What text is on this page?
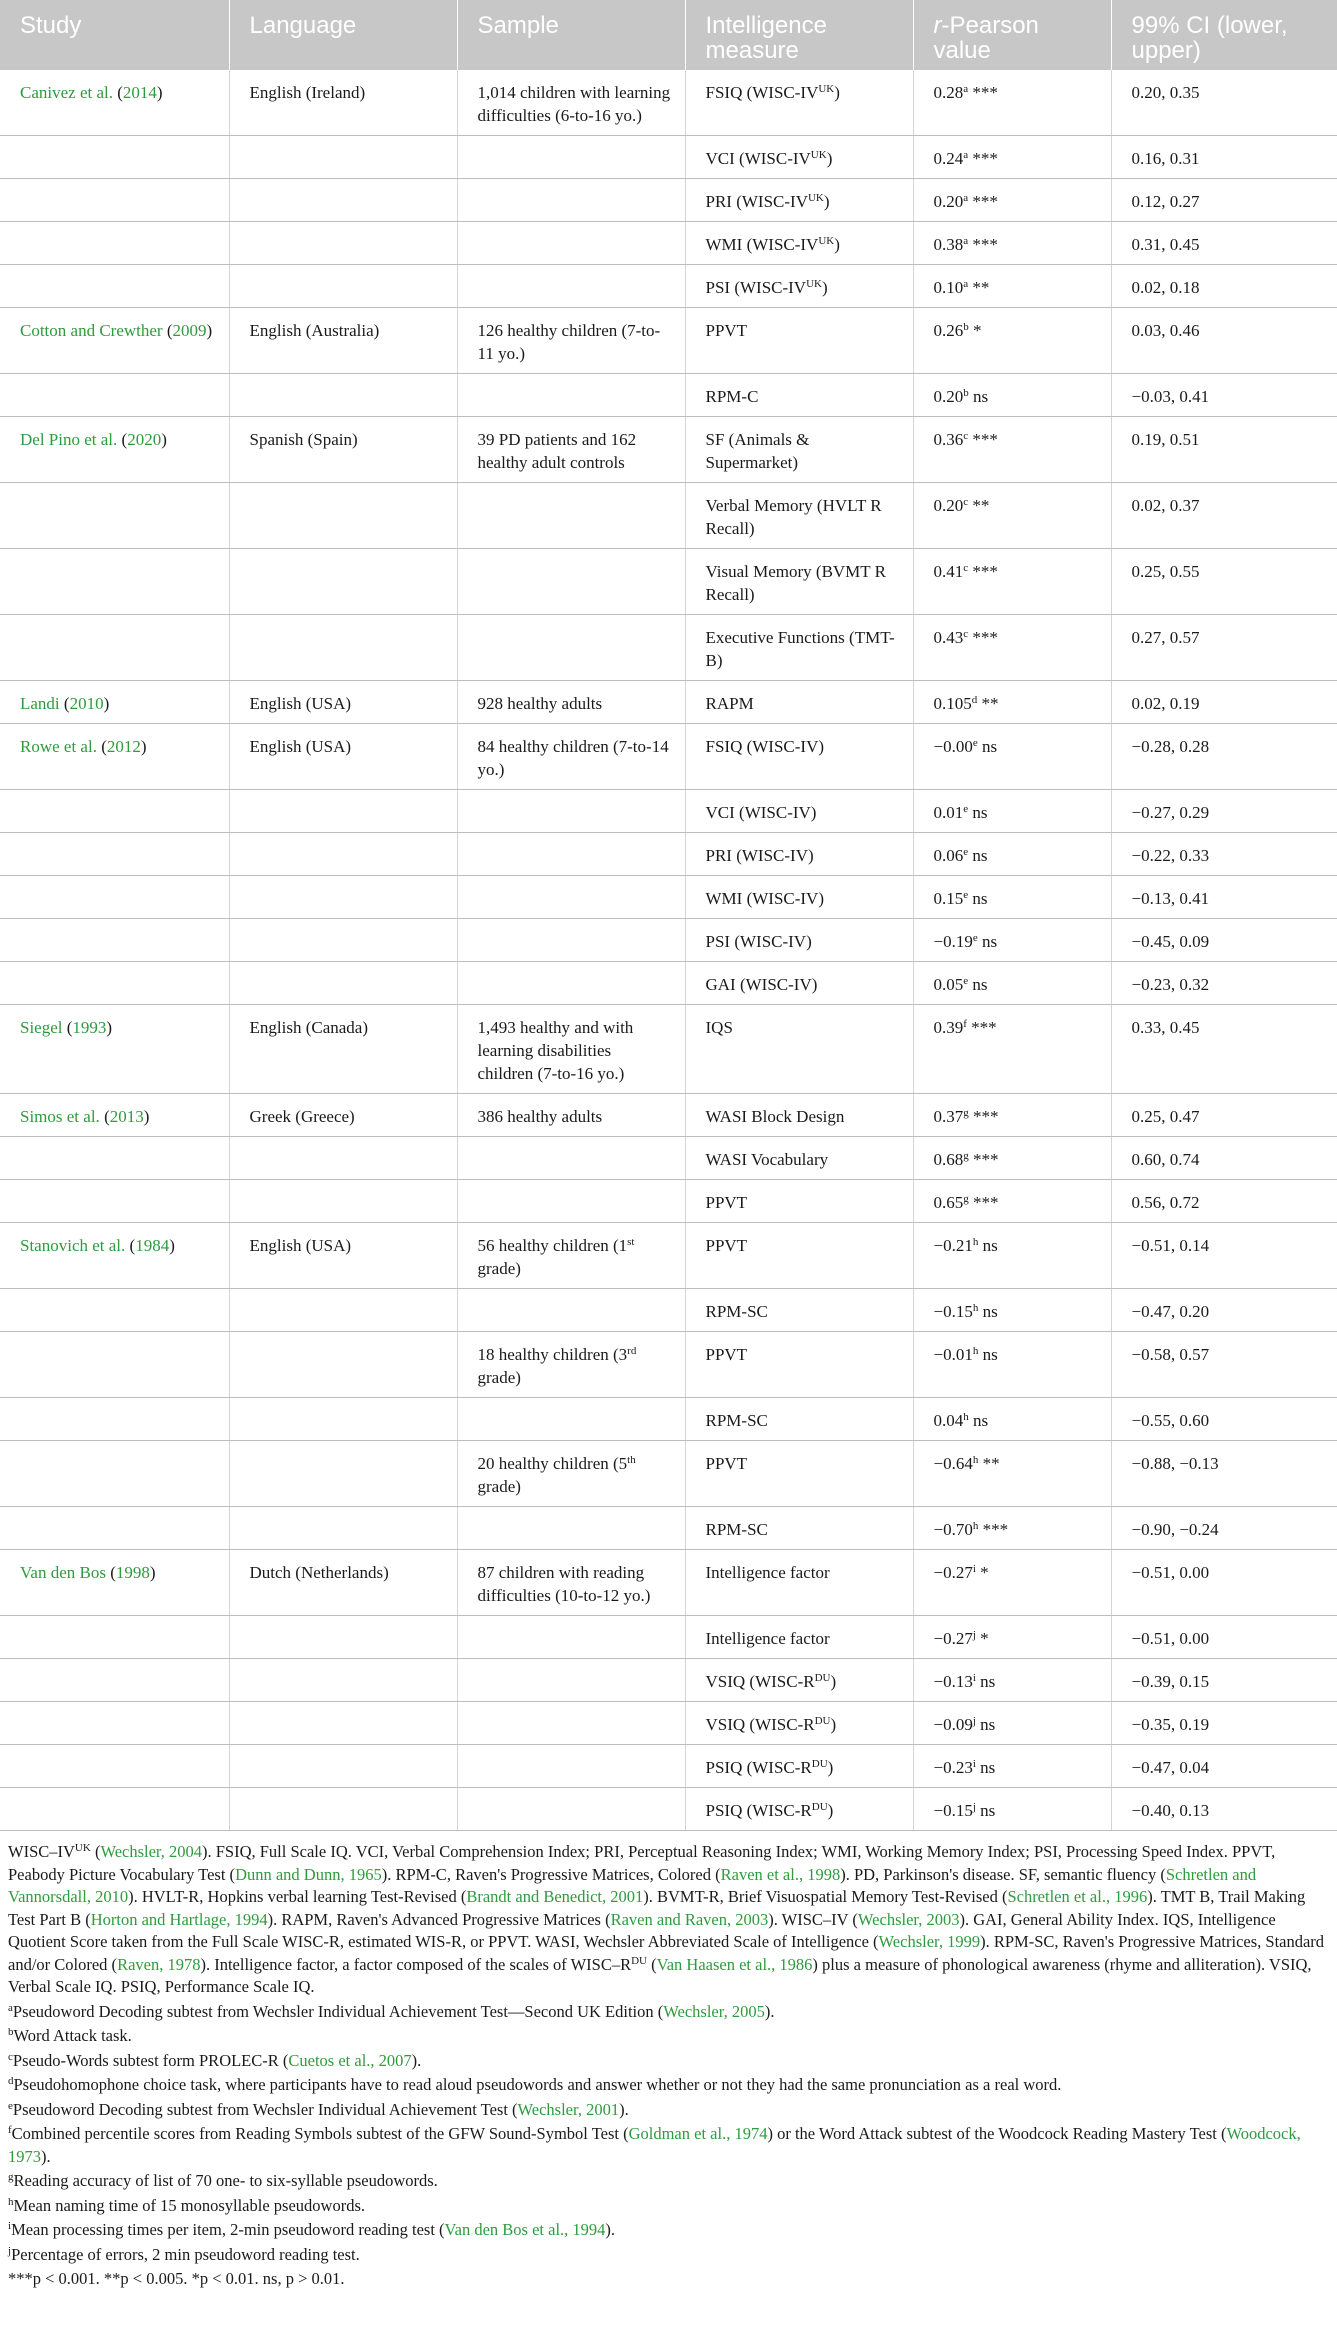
Study	Language	Sample	Intelligence measure	r-Pearson value	99% CI (lower, upper)
Canivez et al. (2014)	English (Ireland)	1,014 children with learning difficulties (6-to-16 yo.)	FSIQ $(WISC-IV^{UK})$	0.28$^a$ ***	0.20, 0.35
			VCI $(WISC-IV^{UK})$	0.24$^a$ ***	0.16, 0.31
			PRI $(WISC-IV^{UK})$	0.20$^a$ ***	0.12, 0.27
			WMI $(WISC-IV^{UK})$	0.38$^a$ ***	0.31, 0.45
			PSI $(WISC-IV^{UK})$	0.10$^a$ **	0.02, 0.18
Cotton and Crewther (2009)	English (Australia)	126 healthy children (7-to-11 yo.)	PPVT	0.26$^b$ *	0.03, 0.46
			RPM-C	0.20$^b$ ns	−0.03, 0.41
Del Pino et al. (2020)	Spanish (Spain)	39 PD patients and 162 healthy adult controls	SF (Animals & Supermarket)	0.36$^c$ ***	0.19, 0.51
			Verbal Memory (HVLT R Recall)	0.20$^c$ **	0.02, 0.37
			Visual Memory (BVMT R Recall)	0.41$^c$ ***	0.25, 0.55
			Executive Functions (TMT-B)	0.43$^c$ ***	0.27, 0.57
Landi (2010)	English (USA)	928 healthy adults	RAPM	0.105$^d$ **	0.02, 0.19
Rowe et al. (2012)	English (USA)	84 healthy children (7-to-14 yo.)	FSIQ (WISC-IV)	−0.00$^e$ ns	−0.28, 0.28
			VCI (WISC-IV)	0.01e ns	−0.27, 0.29
			PRI (WISC-IV)	0.06e ns	−0.22, 0.33
			WMI (WISC-IV)	0.15e ns	−0.13, 0.41
			PSI (WISC-IV)	−0.19$^e$ ns	−0.45, 0.09
			GAI (WISC-IV)	0.05e ns	−0.23, 0.32
Siegel (1993)	English (Canada)	1,493 healthy and with learning disabilities children (7-to-16 yo.)	IQS	0.39$^f$ ***	0.33, 0.45
Simos et al. (2013)	Greek (Greece)	386 healthy adults	WASI Block Design	0.37$^g$ ***	0.25, 0.47
			WASI Vocabulary	0.68$^g$ ***	0.60, 0.74
			PPVT	0.65$^g$ ***	0.56, 0.72
Stanovich et al. (1984)	English (USA)	56 healthy children (1st grade)	PPVT	−0.21$^h$ ns	−0.51, 0.14
			RPM-SC	−0.15$^h$ ns	−0.47, 0.20
		18 healthy children (3rd grade)	PPVT	−0.01$^h$ ns	−0.58, 0.57
			RPM-SC	0.04$^h$ ns	−0.55, 0.60
		20 healthy children (5th grade)	PPVT	−0.64$^h$ **	−0.88, −0.13
			RPM-SC	−0.70$^h$ ***	−0.90, −0.24
Van den Bos (1998)	Dutch (Netherlands)	87 children with reading difficulties (10-to-12 yo.)	Intelligence factor	$-0.27^i$ *	−0.51, 0.00
			Intelligence factor	$-0.27^j$ *	−0.51, 0.00
			VSIQ $(WISC-R^{DU})$	$-0.13^i$ ns	−0.39, 0.15
			VSIQ $(WISC-R^{DU})$	$-0.09^j$ ns	−0.35, 0.19
			PSIQ $(WISC-R^{DU})$	$-0.23^i$ ns	−0.47, 0.04
			PSIQ $(WISC-R^{DU})$	$-0.15^j$ ns	−0.40, 0.13

WISC–$IV^{UK}$ (Wechsler, 2004). FSIQ, Full Scale IQ. VCI, Verbal Comprehension Index; PRI, Perceptual Reasoning Index; WMI, Working Memory Index; PSI, Processing Speed Index. PPVT, Peabody Picture Vocabulary Test (Dunn and Dunn, 1965). RPM-C, Raven's Progressive Matrices, Colored (Raven et al., 1998). PD, Parkinson's disease. SF, semantic fluency (Schretlen and Vannorsdall, 2010). HVLT-R, Hopkins verbal learning Test-Revised (Brandt and Benedict, 2001). BVMT-R, Brief Visuospatial Memory Test-Revised (Schretlen et al., 1996). TMT B, Trail Making Test Part B (Horton and Hartlage, 1994). RAPM, Raven's Advanced Progressive Matrices (Raven and Raven, 2003). WISC–IV (Wechsler, 2003). GAI, General Ability Index. IQS, Intelligence Quotient Score taken from the Full Scale WISC-R, estimated WIS-R, or PPVT. WASI, Wechsler Abbreviated Scale of Intelligence (Wechsler, 1999). RPM-SC, Raven's Progressive Matrices, Standard and/or Colored (Raven, 1978). Intelligence factor, a factor composed of the scales of WISC–$R^{DU}$ (Van Haasen et al., 1986) plus a measure of phonological awareness (rhyme and alliteration). VSIQ, Verbal Scale IQ. PSIQ, Performance Scale IQ.

$^a$Pseudoword Decoding subtest from Wechsler Individual Achievement Test—Second UK Edition (Wechsler, 2005).

$^b$Word Attack task.

$^c$Pseudo-Words subtest form PROLEC-R (Cuetos et al., 2007).

$^d$Pseudohomophone choice task, where participants have to read aloud pseudowords and answer whether or not they had the same pronunciation as a real word.

$^e$Pseudoword Decoding subtest from Wechsler Individual Achievement Test (Wechsler, 2001).

$^f$Combined percentile scores from Reading Symbols subtest of the GFW Sound-Symbol Test (Goldman et al., 1974) or the Word Attack subtest of the Woodcock Reading Mastery Test (Woodcock, 1973).

$^g$Reading accuracy of list of 70 one- to six-syllable pseudowords.

$^h$Mean naming time of 15 monosyllable pseudowords.

$^i$Mean processing times per item, 2-min pseudoword reading test (Van den Bos et al., 1994).

$^j$Percentage of errors, 2 min pseudoword reading test.

***p < 0.001. **p < 0.005. *p < 0.01. ns, p > 0.01.
